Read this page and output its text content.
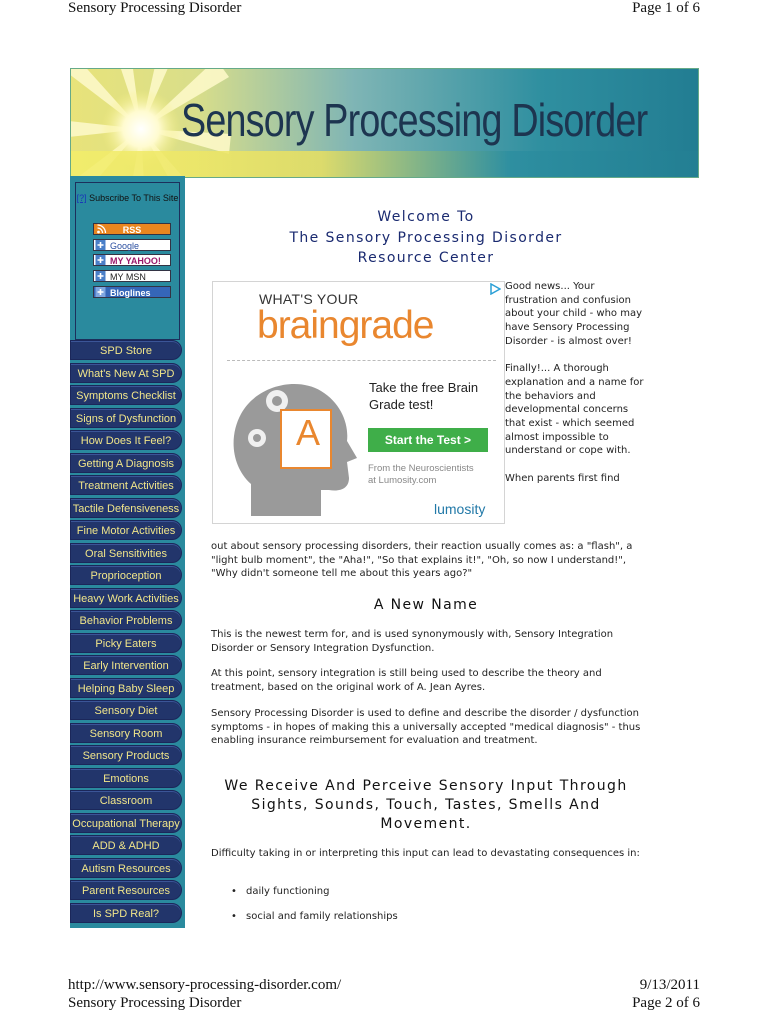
Sensory Processing Disorder	Page 1 of 6
Sensory Processing Disorder
[?] Subscribe To This Site
RSS
Google
MY YAHOO!
MY MSN
Bloglines
SPD Store
What's New At SPD
Symptoms Checklist
Signs of Dysfunction
How Does It Feel?
Getting A Diagnosis
Treatment Activities
Tactile Defensiveness
Fine Motor Activities
Oral Sensitivities
Proprioception
Heavy Work Activities
Behavior Problems
Picky Eaters
Early Intervention
Helping Baby Sleep
Sensory Diet
Sensory Room
Sensory Products
Emotions
Classroom
Occupational Therapy
ADD & ADHD
Autism Resources
Parent Resources
Is SPD Real?
Welcome To
The Sensory Processing Disorder
Resource Center
WHAT'S YOUR
braingrade
A
Take the free Brain
Grade test!
Start the Test >
From the Neuroscientists
at Lumosity.com
lumosity
Good news... Your frustration and confusion about your child - who may have Sensory Processing Disorder - is almost over!
Finally!... A thorough explanation and a name for the behaviors and developmental concerns that exist - which seemed almost impossible to understand or cope with.
When parents first find
out about sensory processing disorders, their reaction usually comes as: a "flash", a "light bulb moment", the "Aha!", "So that explains it!", "Oh, so now I understand!", "Why didn't someone tell me about this years ago?"
A New Name
This is the newest term for, and is used synonymously with, Sensory Integration Disorder or Sensory Integration Dysfunction.
At this point, sensory integration is still being used to describe the theory and treatment, based on the original work of A. Jean Ayres.
Sensory Processing Disorder is used to define and describe the disorder / dysfunction symptoms - in hopes of making this a universally accepted "medical diagnosis" - thus enabling insurance reimbursement for evaluation and treatment.
We Receive And Perceive Sensory Input Through
Sights, Sounds, Touch, Tastes, Smells And
Movement.
Difficulty taking in or interpreting this input can lead to devastating consequences in:
• daily functioning
• social and family relationships
http://www.sensory-processing-disorder.com/	9/13/2011
Sensory Processing Disorder	Page 2 of 6
